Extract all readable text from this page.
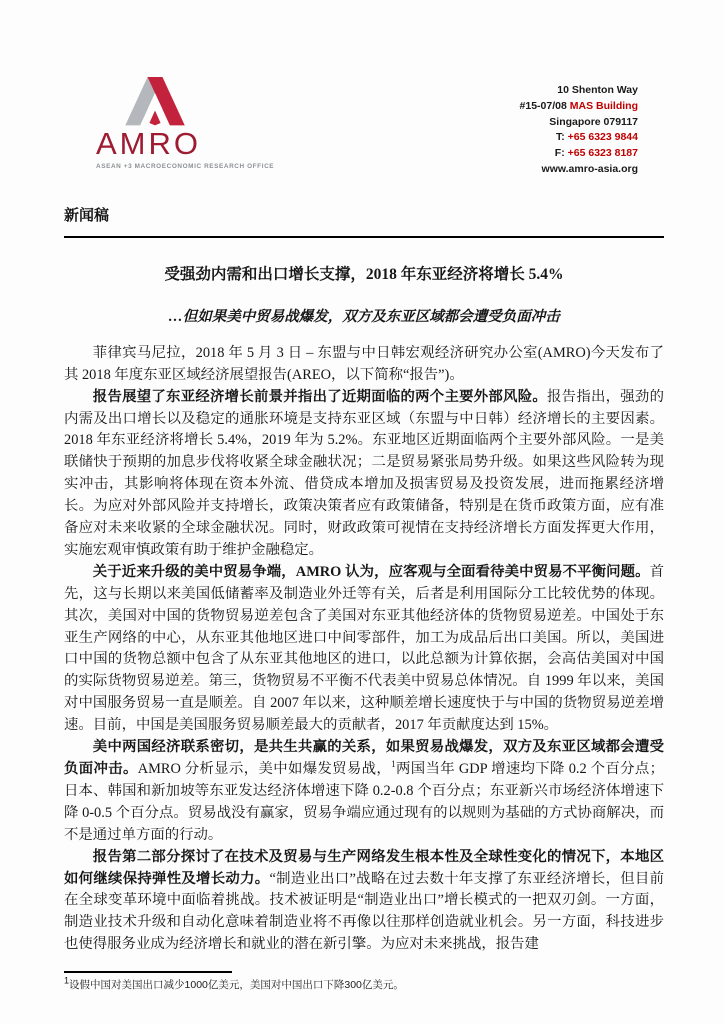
AMRO
ASEAN +3 MACROECONOMIC RESEARCH OFFICE
10 Shenton Way
#15-07/08 MAS Building
Singapore 079117
T: +65 6323 9844
F: +65 6323 8187
www.amro-asia.org
新闻稿
受强劲内需和出口增长支撑，2018 年东亚经济将增长 5.4%
…但如果美中贸易战爆发，双方及东亚区域都会遭受负面冲击

菲律宾马尼拉，2018 年 5 月 3 日 – 东盟与中日韩宏观经济研究办公室(AMRO)今天发布了其 2018 年度东亚区域经济展望报告(AREO，以下简称“报告”)。

报告展望了东亚经济增长前景并指出了近期面临的两个主要外部风险。报告指出，强劲的内需及出口增长以及稳定的通胀环境是支持东亚区域（东盟与中日韩）经济增长的主要因素。2018 年东亚经济将增长 5.4%，2019 年为 5.2%。东亚地区近期面临两个主要外部风险。一是美联储快于预期的加息步伐将收紧全球金融状况；二是贸易紧张局势升级。如果这些风险转为现实冲击，其影响将体现在资本外流、借贷成本增加及损害贸易及投资发展，进而拖累经济增长。为应对外部风险并支持增长，政策决策者应有政策储备，特别是在货币政策方面，应有准备应对未来收紧的全球金融状况。同时，财政政策可视情在支持经济增长方面发挥更大作用，实施宏观审慎政策有助于维护金融稳定。

关于近来升级的美中贸易争端，AMRO 认为，应客观与全面看待美中贸易不平衡问题。首先，这与长期以来美国低储蓄率及制造业外迁等有关，后者是利用国际分工比较优势的体现。其次，美国对中国的货物贸易逆差包含了美国对东亚其他经济体的货物贸易逆差。中国处于东亚生产网络的中心，从东亚其他地区进口中间零部件，加工为成品后出口美国。所以，美国进口中国的货物总额中包含了从东亚其他地区的进口，以此总额为计算依据，会高估美国对中国的实际货物贸易逆差。第三，货物贸易不平衡不代表美中贸易总体情况。自 1999 年以来，美国对中国服务贸易一直是顺差。自 2007 年以来，这种顺差增长速度快于与中国的货物贸易逆差增速。目前，中国是美国服务贸易顺差最大的贡献者，2017 年贡献度达到 15%。

美中两国经济联系密切，是共生共赢的关系，如果贸易战爆发，双方及东亚区域都会遭受负面冲击。AMRO 分析显示，美中如爆发贸易战，$^1$两国当年 GDP 增速均下降 0.2 个百分点；日本、韩国和新加坡等东亚发达经济体增速下降 0.2-0.8 个百分点；东亚新兴市场经济体增速下降 0-0.5 个百分点。贸易战没有赢家，贸易争端应通过现有的以规则为基础的方式协商解决，而不是通过单方面的行动。

报告第二部分探讨了在技术及贸易与生产网络发生根本性及全球性变化的情况下，本地区如何继续保持弹性及增长动力。“制造业出口”战略在过去数十年支撑了东亚经济增长，但目前在全球变革环境中面临着挑战。技术被证明是“制造业出口”增长模式的一把双刃剑。一方面，制造业技术升级和自动化意味着制造业将不再像以往那样创造就业机会。另一方面，科技进步也使得服务业成为经济增长和就业的潜在新引擎。为应对未来挑战，报告建

$^1$设假中国对美国出口减少1000亿美元，美国对中国出口下降300亿美元。
